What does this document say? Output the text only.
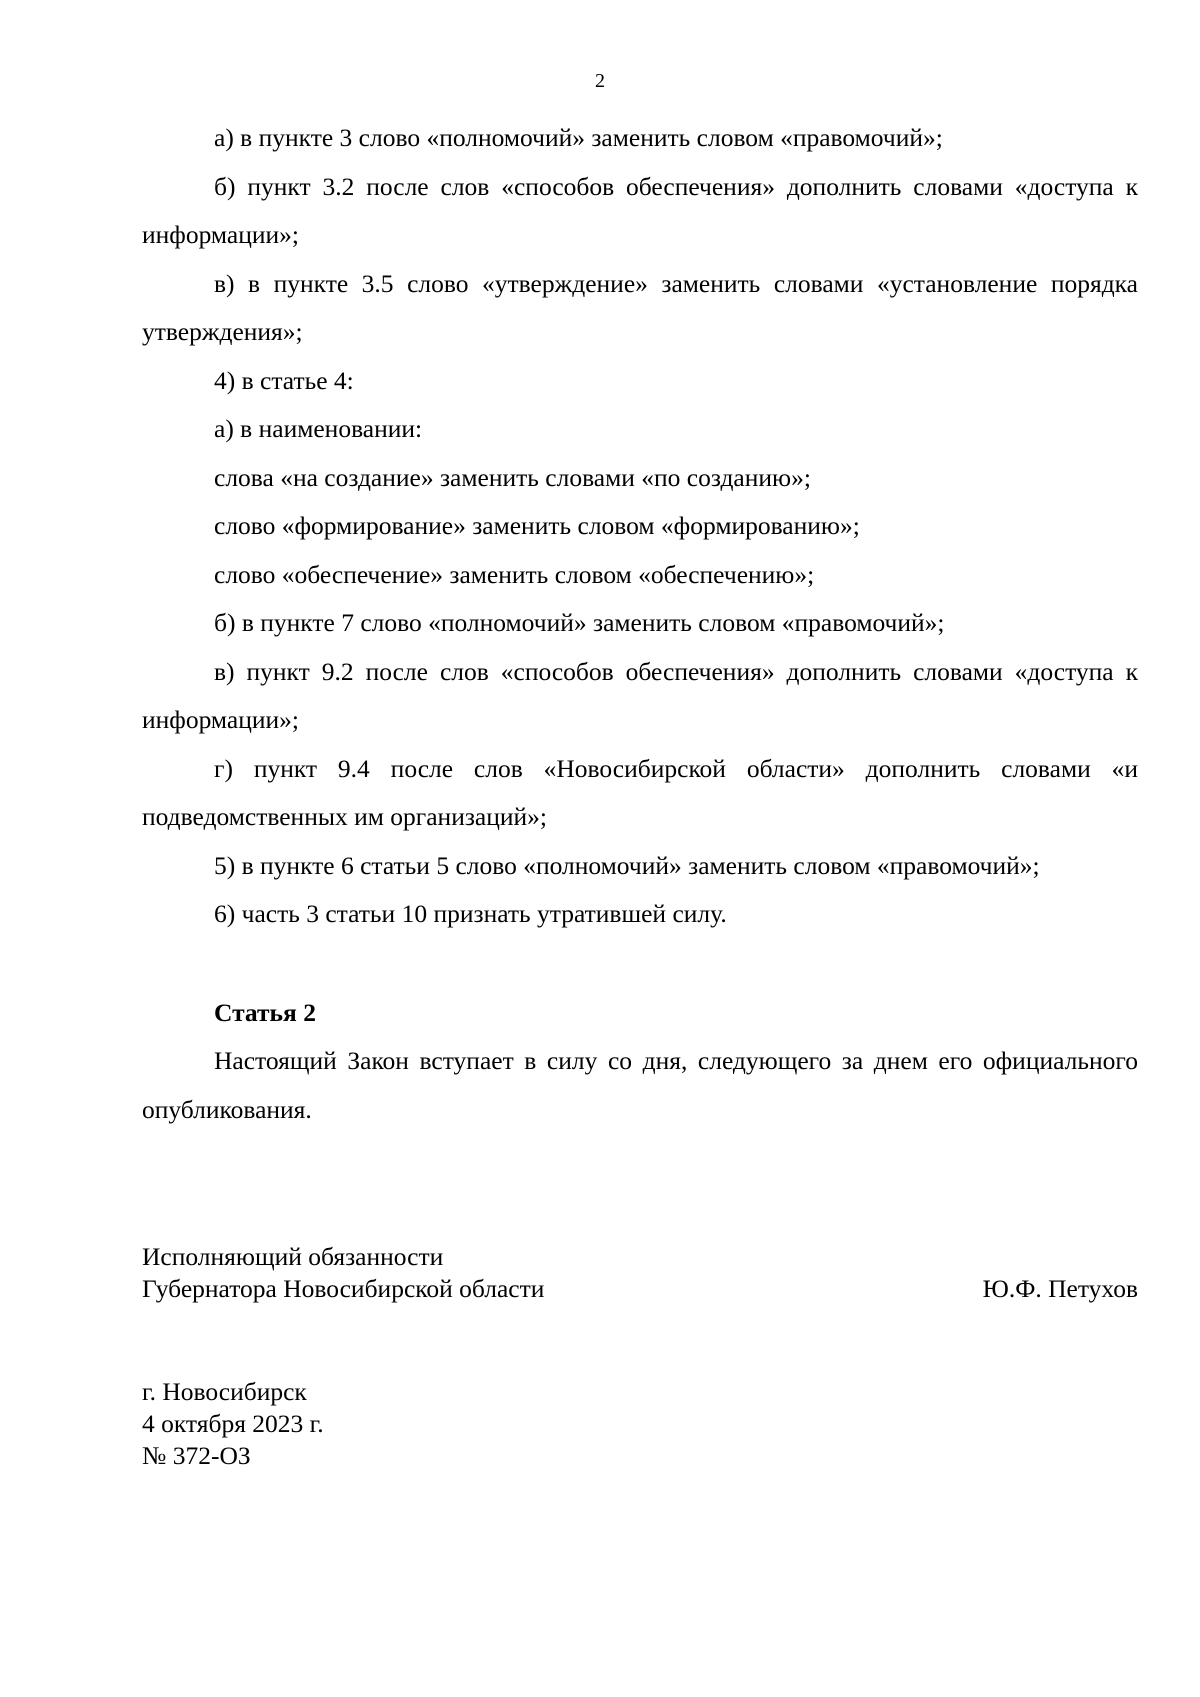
2

а) в пункте 3 слово «полномочий» заменить словом «правомочий»;

б) пункт 3.2 после слов «способов обеспечения» дополнить словами «доступа к информации»;

в) в пункте 3.5 слово «утверждение» заменить словами «установление порядка утверждения»;

4) в статье 4:

а) в наименовании:

слова «на создание» заменить словами «по созданию»;

слово «формирование» заменить словом «формированию»;

слово «обеспечение» заменить словом «обеспечению»;

б) в пункте 7 слово «полномочий» заменить словом «правомочий»;

в) пункт 9.2 после слов «способов обеспечения» дополнить словами «доступа к информации»;

г) пункт 9.4 после слов «Новосибирской области» дополнить словами «и подведомственных им организаций»;

5) в пункте 6 статьи 5 слово «полномочий» заменить словом «правомочий»;

6) часть 3 статьи 10 признать утратившей силу.

Статья 2

Настоящий Закон вступает в силу со дня, следующего за днем его официального опубликования.

Исполняющий обязанности
Губернатора Новосибирской области	Ю.Ф. Петухов
г. Новосибирск
4 октября 2023 г.
№ 372-ОЗ
